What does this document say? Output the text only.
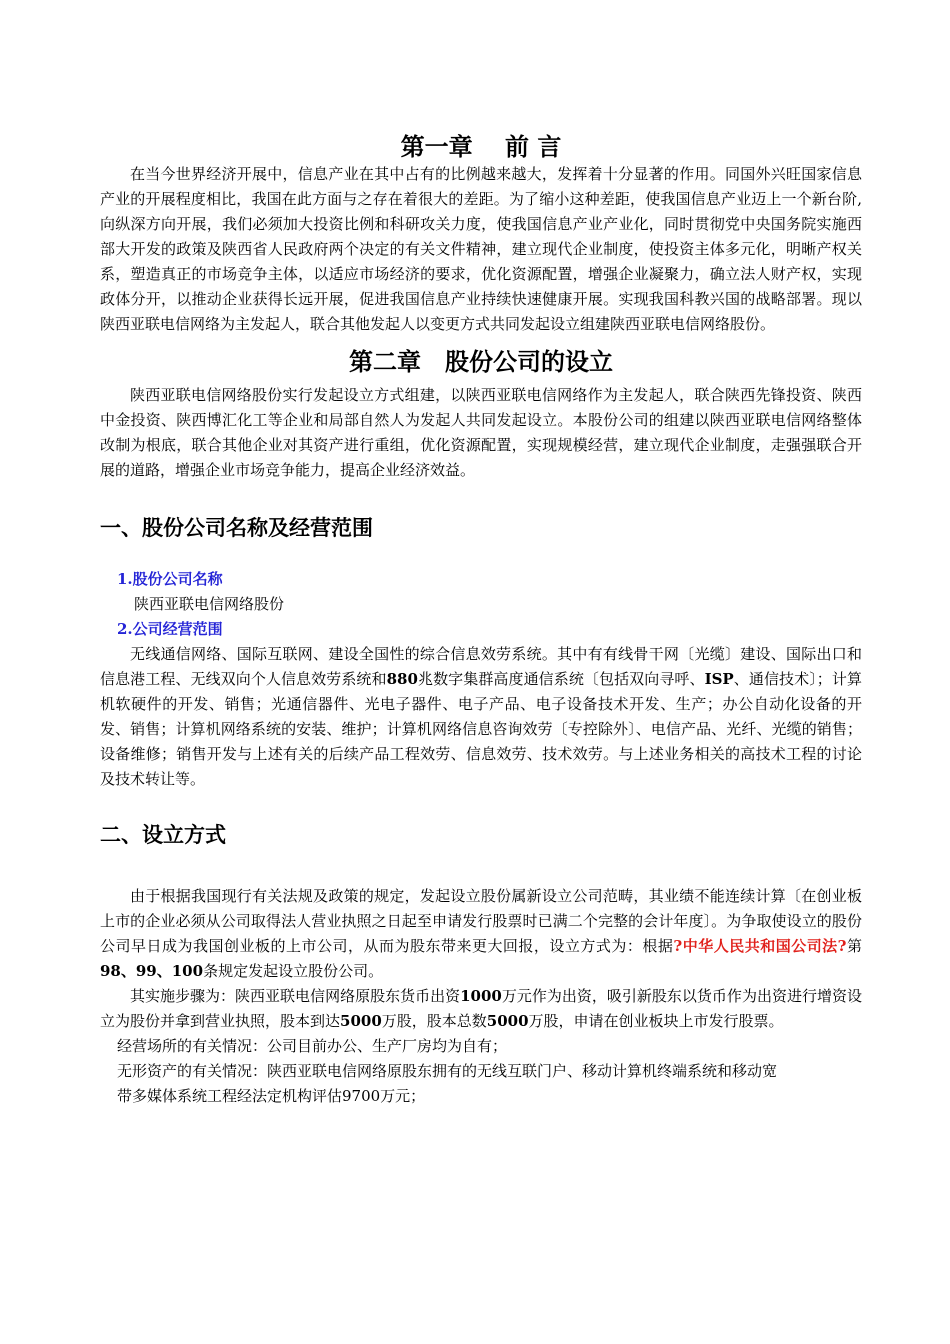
第一章　 前 言

在当今世界经济开展中，信息产业在其中占有的比例越来越大，发挥着十分显著的作用。同国外兴旺国家信息产业的开展程度相比，我国在此方面与之存在着很大的差距。为了缩小这种差距，使我国信息产业迈上一个新台阶,向纵深方向开展，我们必须加大投资比例和科研攻关力度，使我国信息产业产业化，同时贯彻党中央国务院实施西部大开发的政策及陕西省人民政府两个决定的有关文件精神，建立现代企业制度，使投资主体多元化，明晰产权关系，塑造真正的市场竞争主体，以适应市场经济的要求，优化资源配置，增强企业凝聚力，确立法人财产权，实现政体分开，以推动企业获得长远开展，促进我国信息产业持续快速健康开展。实现我国科教兴国的战略部署。现以陕西亚联电信网络为主发起人，联合其他发起人以变更方式共同发起设立组建陕西亚联电信网络股份。

第二章　股份公司的设立

陕西亚联电信网络股份实行发起设立方式组建，以陕西亚联电信网络作为主发起人，联合陕西先锋投资、陕西中金投资、陕西博汇化工等企业和局部自然人为发起人共同发起设立。本股份公司的组建以陕西亚联电信网络整体改制为根底，联合其他企业对其资产进行重组，优化资源配置，实现规模经营，建立现代企业制度，走强强联合开展的道路，增强企业市场竞争能力，提高企业经济效益。

一、股份公司名称及经营范围
1.股份公司名称
陕西亚联电信网络股份
2.公司经营范围

无线通信网络、国际互联网、建设全国性的综合信息效劳系统。其中有有线骨干网〔光缆〕建设、国际出口和信息港工程、无线双向个人信息效劳系统和880兆数字集群高度通信系统〔包括双向寻呼、ISP、通信技术〕；计算机软硬件的开发、销售；光通信器件、光电子器件、电子产品、电子设备技术开发、生产；办公自动化设备的开发、销售；计算机网络系统的安装、维护；计算机网络信息咨询效劳〔专控除外〕、电信产品、光纤、光缆的销售；设备维修；销售开发与上述有关的后续产品工程效劳、信息效劳、技术效劳。与上述业务相关的高技术工程的讨论及技术转让等。

二、设立方式

由于根据我国现行有关法规及政策的规定，发起设立股份属新设立公司范畴，其业绩不能连续计算〔在创业板上市的企业必须从公司取得法人营业执照之日起至申请发行股票时已满二个完整的会计年度〕。为争取使设立的股份公司早日成为我国创业板的上市公司，从而为股东带来更大回报，设立方式为：根据?中华人民共和国公司法?第98、99、100条规定发起设立股份公司。

其实施步骤为：陕西亚联电信网络原股东货币出资1000万元作为出资，吸引新股东以货币作为出资进行增资设立为股份并拿到营业执照，股本到达5000万股，股本总数5000万股，申请在创业板块上市发行股票。

经营场所的有关情况：公司目前办公、生产厂房均为自有；

无形资产的有关情况：陕西亚联电信网络原股东拥有的无线互联门户、移动计算机终端系统和移动宽
带多媒体系统工程经法定机构评估9700万元；
